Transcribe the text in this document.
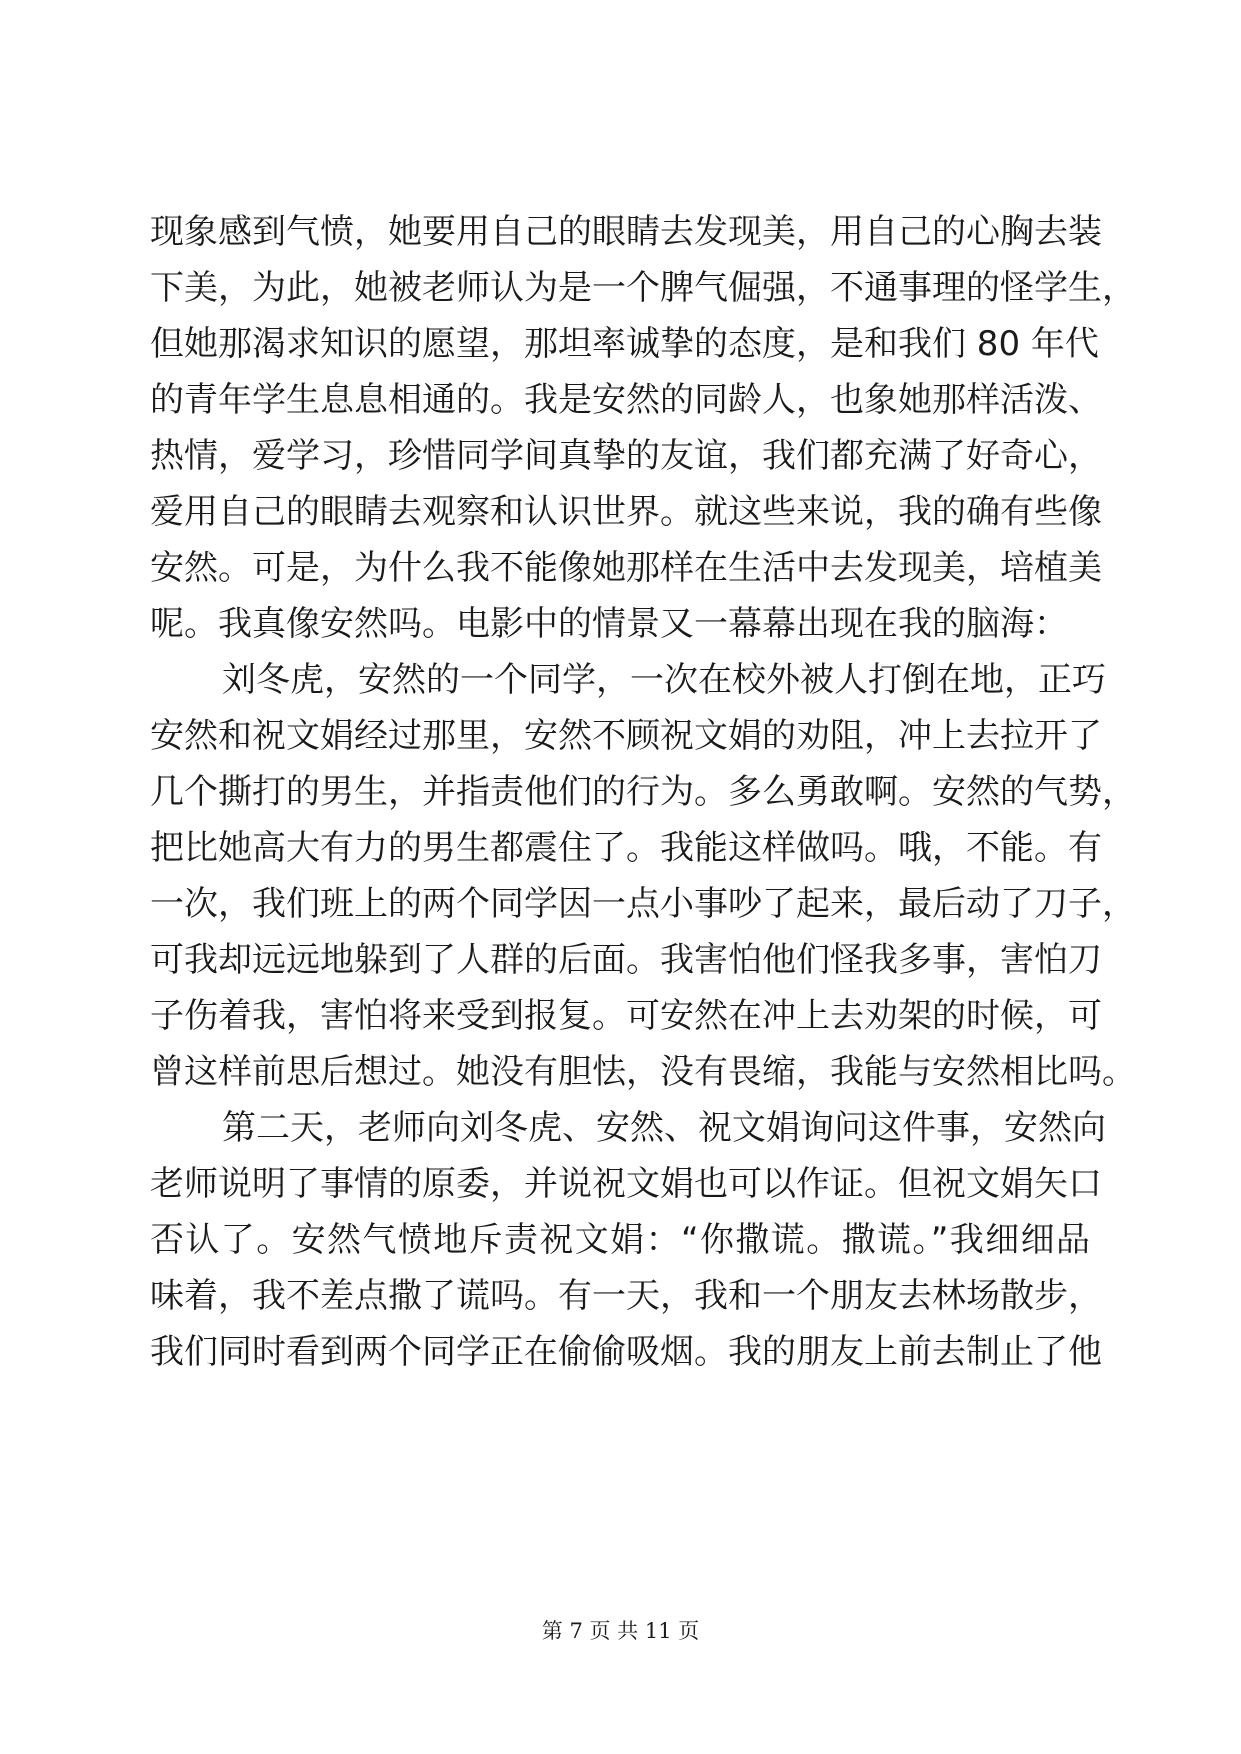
现象感到气愤，她要用自己的眼睛去发现美，用自己的心胸去装
下美，为此，她被老师认为是一个脾气倔强，不通事理的怪学生，
但她那渴求知识的愿望，那坦率诚挚的态度，是和我们 80 年代
的青年学生息息相通的。我是安然的同龄人，也象她那样活泼、
热情，爱学习，珍惜同学间真挚的友谊，我们都充满了好奇心，
爱用自己的眼睛去观察和认识世界。就这些来说，我的确有些像
安然。可是，为什么我不能像她那样在生活中去发现美，培植美
呢。我真像安然吗。电影中的情景又一幕幕出现在我的脑海：
刘冬虎，安然的一个同学，一次在校外被人打倒在地，正巧
安然和祝文娟经过那里，安然不顾祝文娟的劝阻，冲上去拉开了
几个撕打的男生，并指责他们的行为。多么勇敢啊。安然的气势，
把比她高大有力的男生都震住了。我能这样做吗。哦，不能。有
一次，我们班上的两个同学因一点小事吵了起来，最后动了刀子，
可我却远远地躲到了人群的后面。我害怕他们怪我多事，害怕刀
子伤着我，害怕将来受到报复。可安然在冲上去劝架的时候，可
曾这样前思后想过。她没有胆怯，没有畏缩，我能与安然相比吗。
第二天，老师向刘冬虎、安然、祝文娟询问这件事，安然向
老师说明了事情的原委，并说祝文娟也可以作证。但祝文娟矢口
否认了。安然气愤地斥责祝文娟：“你撒谎。撒谎。”我细细品
味着，我不差点撒了谎吗。有一天，我和一个朋友去林场散步，
我们同时看到两个同学正在偷偷吸烟。我的朋友上前去制止了他
第 7 页 共 11 页
